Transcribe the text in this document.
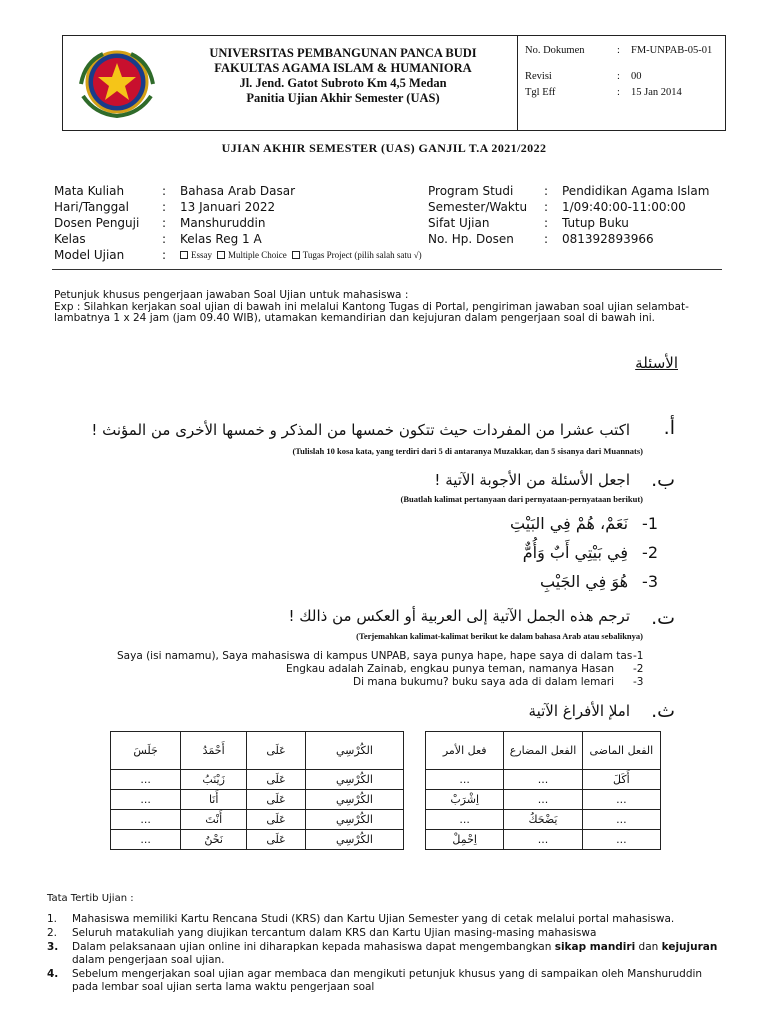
UNIVERSITAS PEMBANGUNAN PANCA BUDI
FAKULTAS AGAMA ISLAM & HUMANIORA
Jl. Jend. Gatot Subroto Km 4,5 Medan
Panitia Ujian Akhir Semester (UAS)
No. Dokumen	:	FM-UNPAB-05-01
Revisi	:	00
Tgl Eff	:	15 Jan 2014
UJIAN AKHIR SEMESTER (UAS) GANJIL T.A 2021/2022
Mata Kuliah	:	Bahasa Arab Dasar
Hari/Tanggal	:	13 Januari 2022
Dosen Penguji	:	Manshuruddin
Kelas	:	Kelas Reg 1 A
Model Ujian	:	Essay	Multiple Choice	Tugas Project (pilih salah satu √)
Program Studi	:	Pendidikan Agama Islam
Semester/Waktu	:	1/09:40:00-11:00:00
Sifat Ujian	:	Tutup Buku
No. Hp. Dosen	:	081392893966
Petunjuk khusus pengerjaan jawaban Soal Ujian untuk mahasiswa :
Exp : Silahkan kerjakan soal ujian di bawah ini melalui Kantong Tugas di Portal, pengiriman jawaban soal ujian selambat-lambatnya 1 x 24 jam (jam 09.40 WIB), utamakan kemandirian dan kejujuran dalam pengerjaan soal di bawah ini.
الأسئلة
أ.
اكتب عشرا من المفردات حيث تتكون خمسها من المذكر و خمسها الأخرى من المؤنث !
(Tulislah 10 kosa kata, yang terdiri dari 5 di antaranya Muzakkar, dan 5 sisanya dari Muannats)
ب.
اجعل الأسئلة من الأجوبة الآتية !
(Buatlah kalimat pertanyaan dari pernyataan-pernyataan berikut)
1-نَعَمْ، هُمْ فِي البَيْتِ
2-فِي بَيْتِي أَبٌ وَأُمٌّ
3-هُوَ فِي الجَيْبِ
ت.
ترجم هذه الجمل الآتية إلى العربية أو العكس من ذالك !
(Terjemahkan kalimat-kalimat berikut ke dalam bahasa Arab atau sebaliknya)
Saya (isi namamu), Saya mahasiswa di kampus UNPAB, saya punya hape, hape saya di dalam tas -1
Engkau adalah Zainab, engkau punya teman, namanya Hasan -2
Di mana bukumu? buku saya ada di dalam lemari -3
ث.
املإ الأفراغ الآتية
الكُرْسِي	عَلَى	أَحْمَدُ	جَلَسَ
الكُرْسِي	عَلَى	زَيْنَبُ	...
الكُرْسِي	عَلَى	أَنَا	...
الكُرْسِي	عَلَى	أَنْتَ	...
الكُرْسِي	عَلَى	نَحْنُ	...
الفعل الماضى	الفعل المضارع	فعل الأمر
أَكَلَ	...	...
...	...	اِشْرَبْ
...	يَضْحَكُ	...
...	...	اِحْمِلْ
Tata Tertib Ujian :
1.	Mahasiswa memiliki Kartu Rencana Studi (KRS) dan Kartu Ujian Semester yang di cetak melalui portal mahasiswa.
2.	Seluruh matakuliah yang diujikan tercantum dalam KRS dan Kartu Ujian masing-masing mahasiswa
3.	Dalam pelaksanaan ujian online ini diharapkan kepada mahasiswa dapat mengembangkan sikap mandiri dan kejujuran dalam pengerjaan soal ujian.
4.	Sebelum mengerjakan soal ujian agar membaca dan mengikuti petunjuk khusus yang di sampaikan oleh Manshuruddin pada lembar soal ujian serta lama waktu pengerjaan soal
